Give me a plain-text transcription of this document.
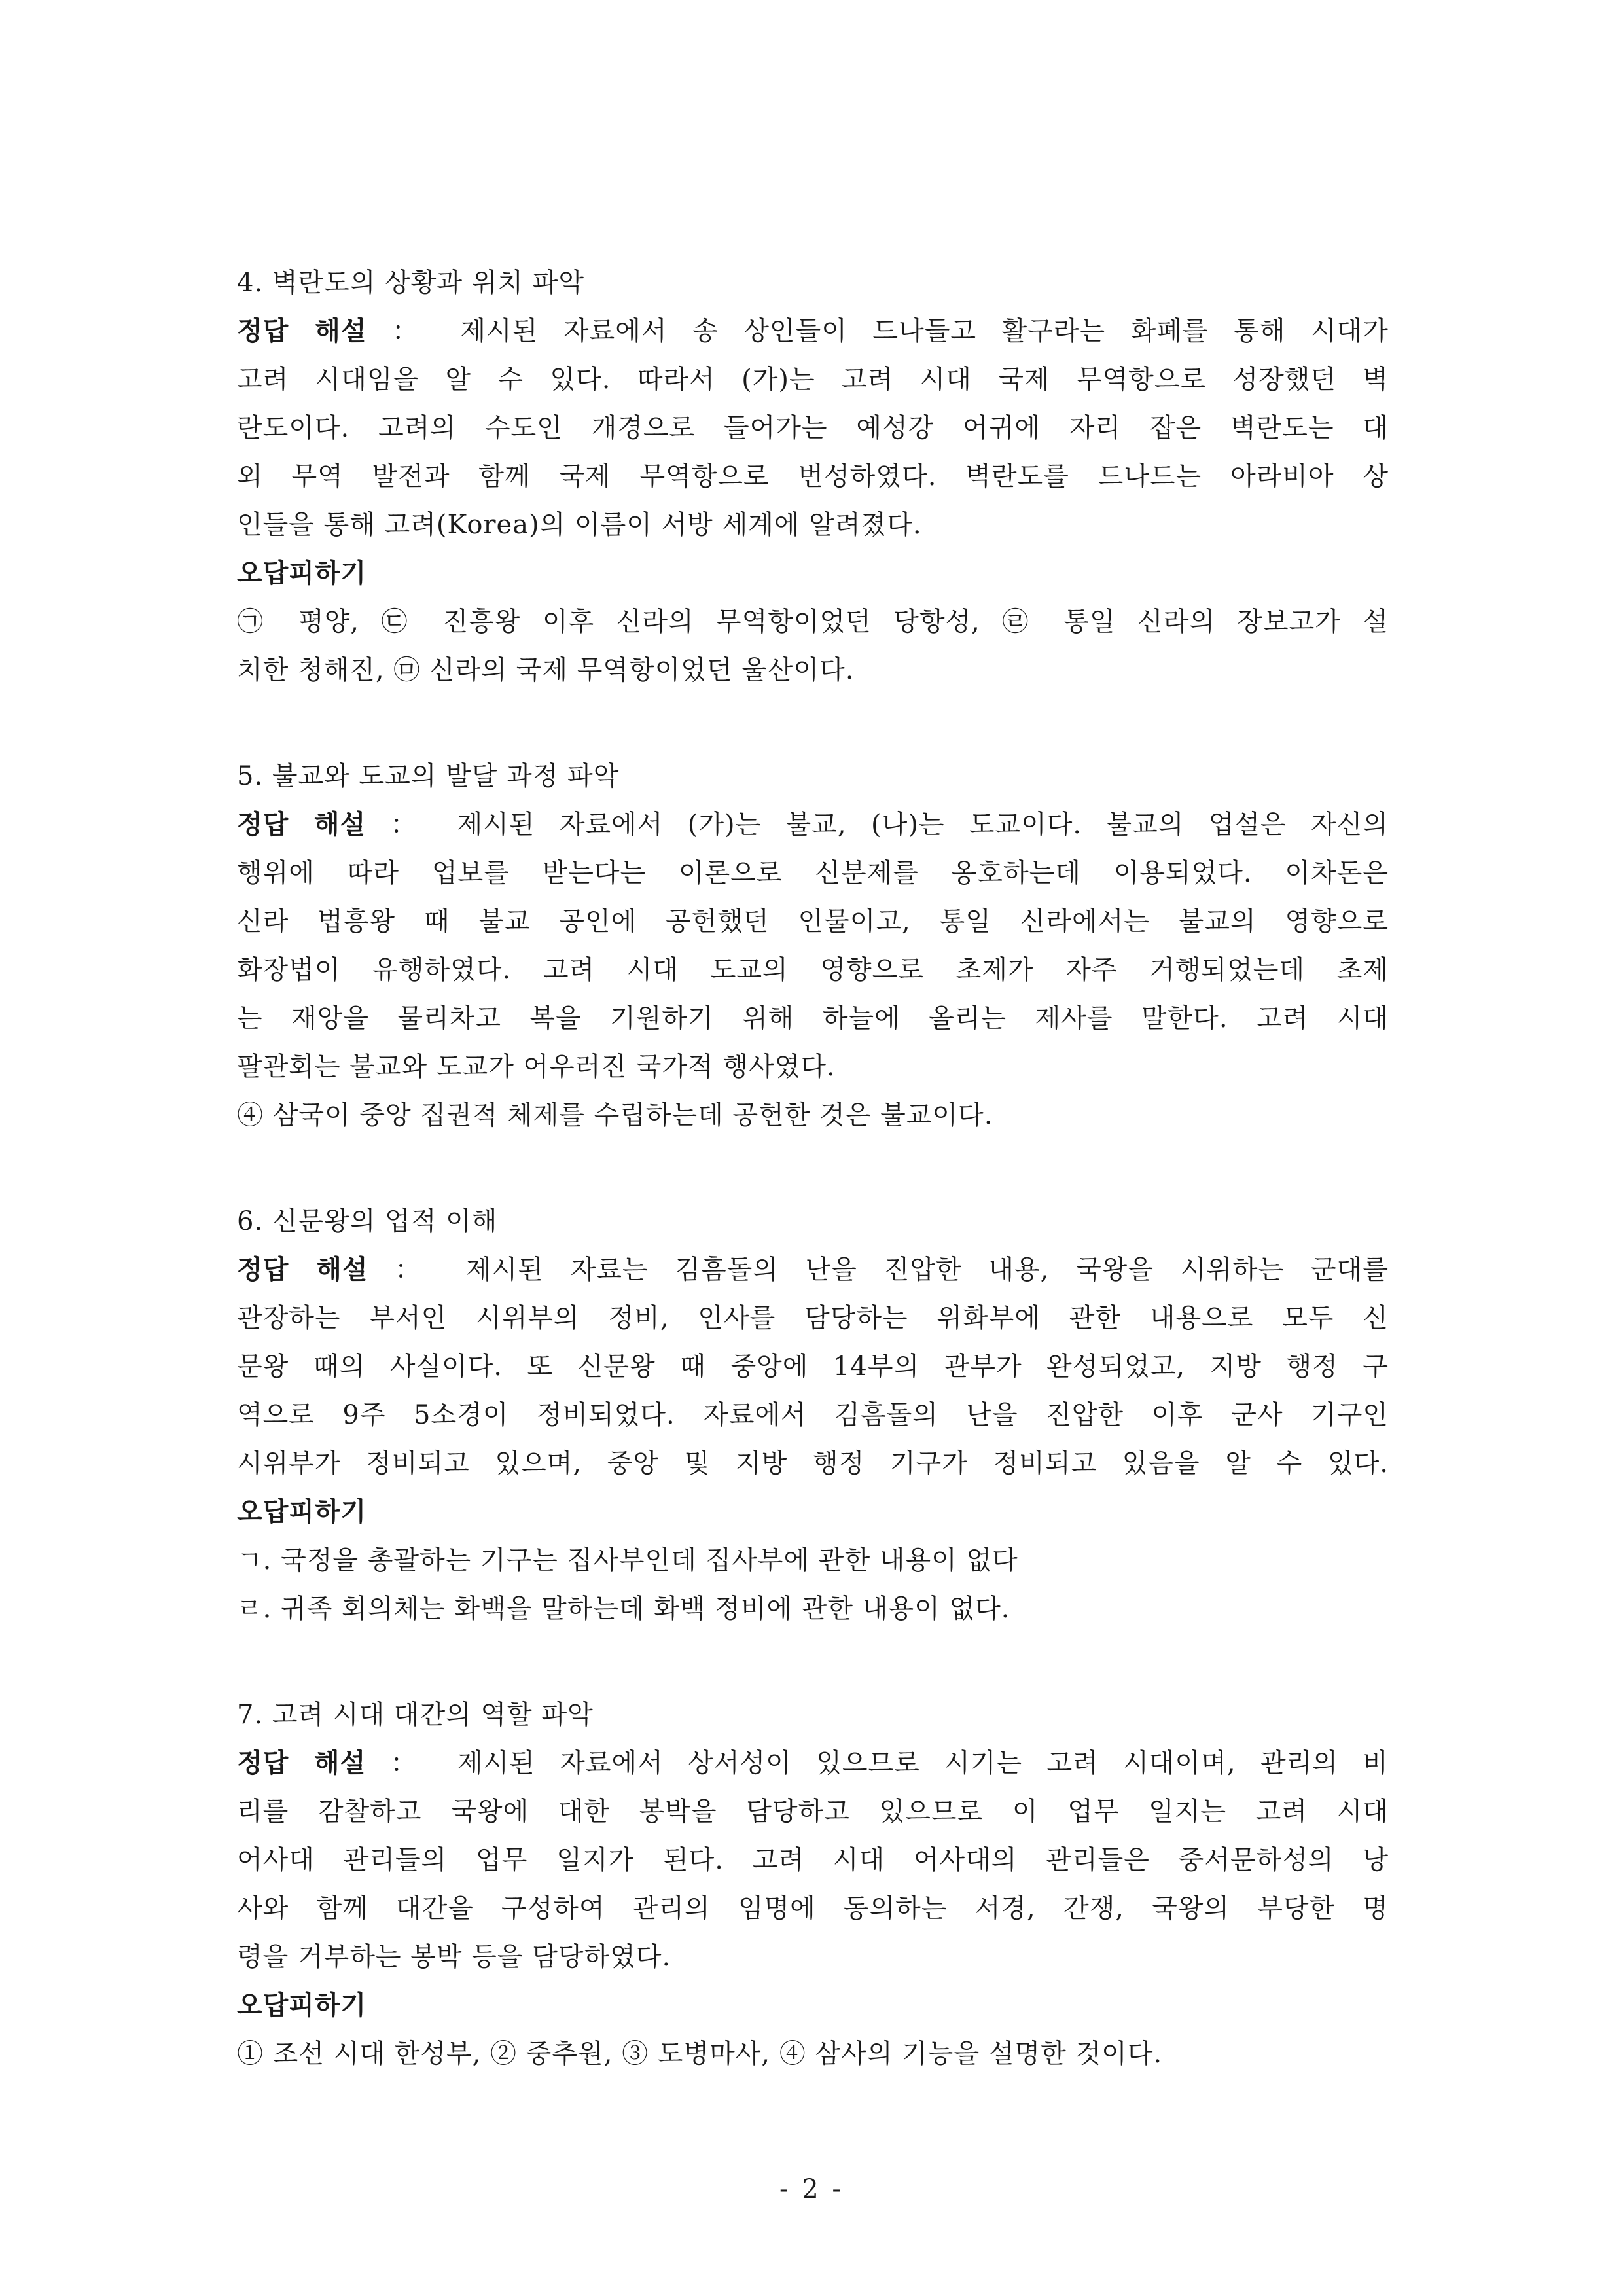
4. 벽란도의 상황과 위치 파악
정답 해설 ： 제시된 자료에서 송 상인들이 드나들고 활구라는 화폐를 통해 시대가
고려 시대임을 알 수 있다. 따라서 (가)는 고려 시대 국제 무역항으로 성장했던 벽
란도이다. 고려의 수도인 개경으로 들어가는 예성강 어귀에 자리 잡은 벽란도는 대
외 무역 발전과 함께 국제 무역항으로 번성하였다. 벽란도를 드나드는 아라비아 상
인들을 통해 고려(Korea)의 이름이 서방 세계에 알려졌다.
오답피하기
㉠ 평양, ㉢ 진흥왕 이후 신라의 무역항이었던 당항성, ㉣ 통일 신라의 장보고가 설
치한 청해진, ㉤ 신라의 국제 무역항이었던 울산이다.
5. 불교와 도교의 발달 과정 파악
정답 해설 ： 제시된 자료에서 (가)는 불교, (나)는 도교이다. 불교의 업설은 자신의
행위에 따라 업보를 받는다는 이론으로 신분제를 옹호하는데 이용되었다. 이차돈은
신라 법흥왕 때 불교 공인에 공헌했던 인물이고, 통일 신라에서는 불교의 영향으로
화장법이 유행하였다. 고려 시대 도교의 영향으로 초제가 자주 거행되었는데 초제
는 재앙을 물리차고 복을 기원하기 위해 하늘에 올리는 제사를 말한다. 고려 시대
팔관회는 불교와 도교가 어우러진 국가적 행사였다.
④ 삼국이 중앙 집권적 체제를 수립하는데 공헌한 것은 불교이다.
6. 신문왕의 업적 이해
정답 해설 ： 제시된 자료는 김흠돌의 난을 진압한 내용, 국왕을 시위하는 군대를
관장하는 부서인 시위부의 정비, 인사를 담당하는 위화부에 관한 내용으로 모두 신
문왕 때의 사실이다. 또 신문왕 때 중앙에 14부의 관부가 완성되었고, 지방 행정 구
역으로 9주 5소경이 정비되었다. 자료에서 김흠돌의 난을 진압한 이후 군사 기구인
시위부가 정비되고 있으며, 중앙 및 지방 행정 기구가 정비되고 있음을 알 수 있다.
오답피하기
ㄱ. 국정을 총괄하는 기구는 집사부인데 집사부에 관한 내용이 없다
ㄹ. 귀족 회의체는 화백을 말하는데 화백 정비에 관한 내용이 없다.
7. 고려 시대 대간의 역할 파악
정답 해설 ： 제시된 자료에서 상서성이 있으므로 시기는 고려 시대이며, 관리의 비
리를 감찰하고 국왕에 대한 봉박을 담당하고 있으므로 이 업무 일지는 고려 시대
어사대 관리들의 업무 일지가 된다. 고려 시대 어사대의 관리들은 중서문하성의 낭
사와 함께 대간을 구성하여 관리의 임명에 동의하는 서경, 간쟁, 국왕의 부당한 명
령을 거부하는 봉박 등을 담당하였다.
오답피하기
① 조선 시대 한성부, ② 중추원, ③ 도병마사, ④ 삼사의 기능을 설명한 것이다.
- 2 -
